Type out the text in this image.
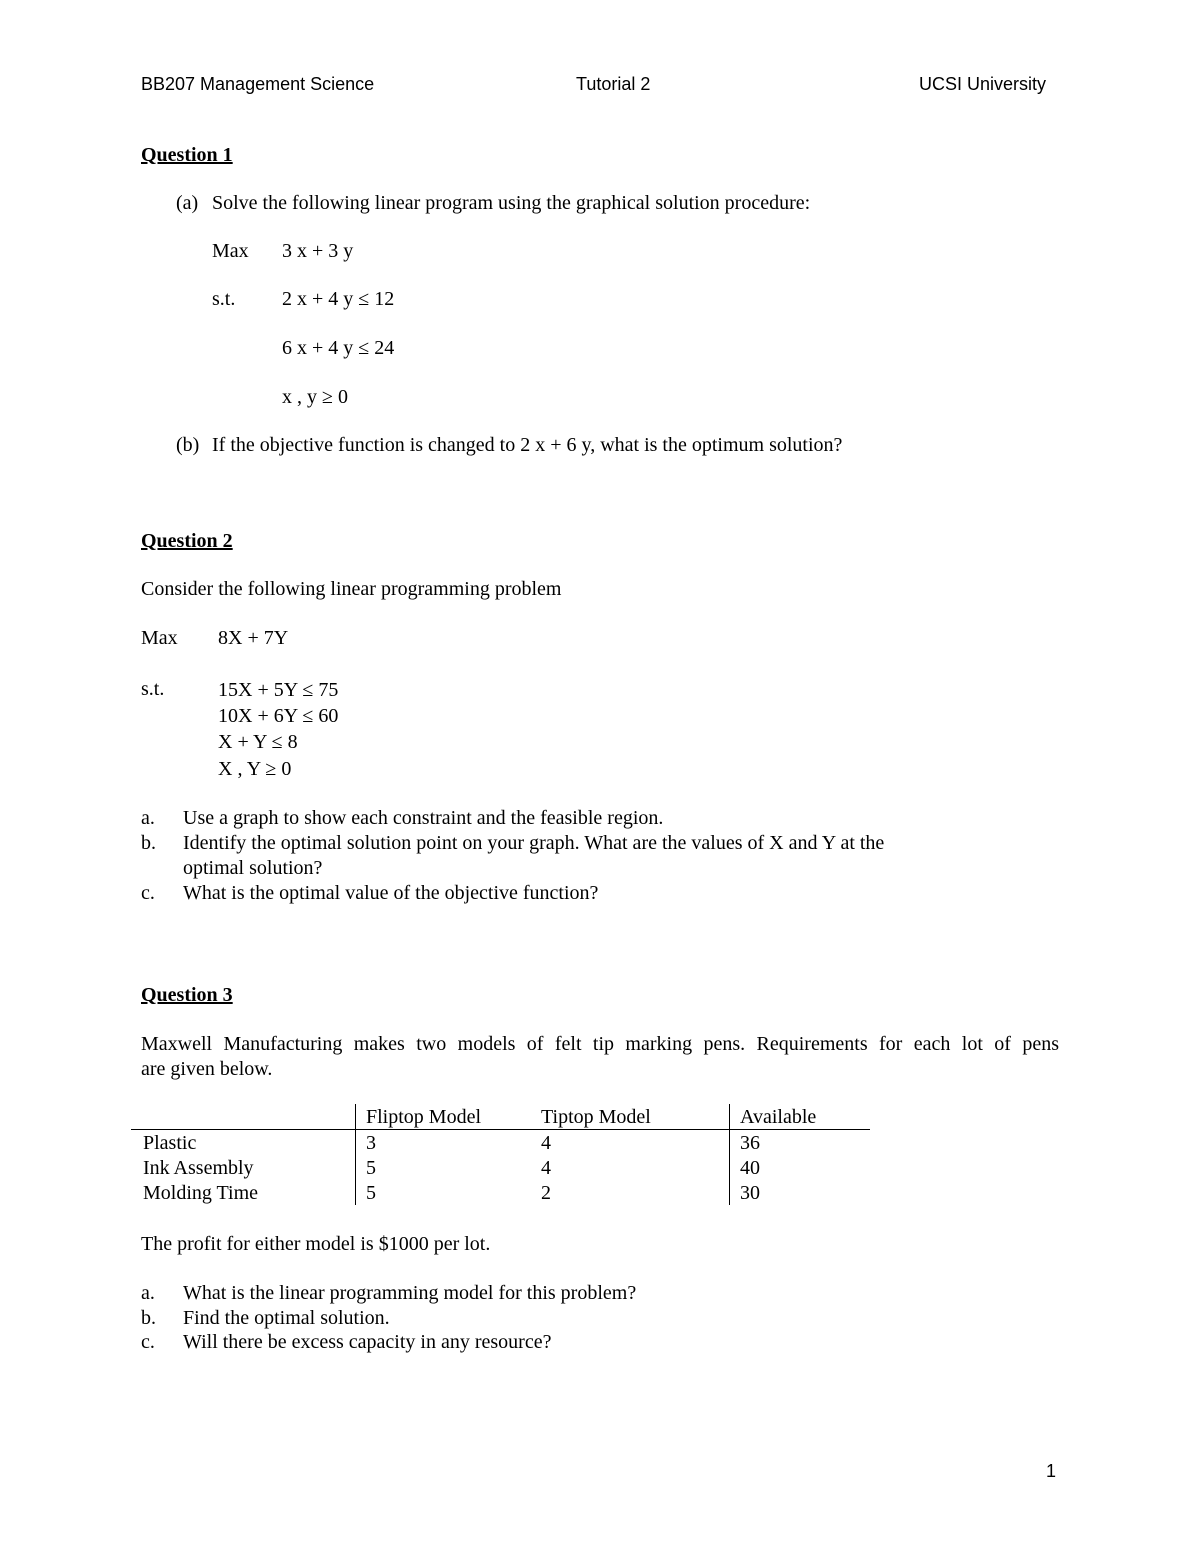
BB207 Management Science	Tutorial 2	UCSI University
Question 1
(a) Solve the following linear program using the graphical solution procedure:
Max 3 x + 3 y
s.t. 2 x + 4 y ≤ 12
6 x + 4 y ≤ 24
x , y ≥ 0
(b) If the objective function is changed to 2 x + 6 y, what is the optimum solution?
Question 2
Consider the following linear programming problem
Max 8X + 7Y
s.t.	15X + 5Y ≤ 75
10X + 6Y ≤ 60
X + Y ≤ 8
X , Y ≥ 0
a. Use a graph to show each constraint and the feasible region.
b. Identify the optimal solution point on your graph. What are the values of X and Y at the
optimal solution?
c. What is the optimal value of the objective function?
Question 3
Maxwell Manufacturing makes two models of felt tip marking pens. Requirements for each lot of pens
are given below.
	Fliptop Model	Tiptop Model	Available
Plastic	3	4	36
Ink Assembly	5	4	40
Molding Time	5	2	30
The profit for either model is $1000 per lot.
a. What is the linear programming model for this problem?
b. Find the optimal solution.
c. Will there be excess capacity in any resource?
1
